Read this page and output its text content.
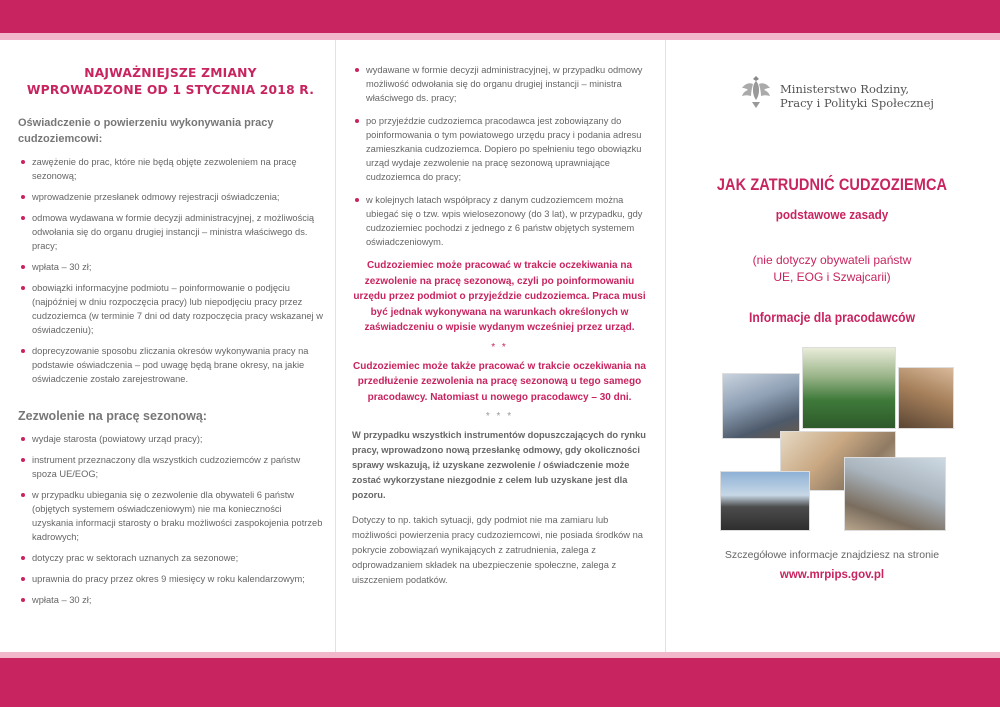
NAJWAŻNIEJSZE ZMIANY
WPROWADZONE OD 1 STYCZNIA 2018 R.
Oświadczenie o powierzeniu wykonywania pracy cudzoziemcowi:
zawężenie do prac, które nie będą objęte zezwoleniem na pracę sezonową;
wprowadzenie przesłanek odmowy rejestracji oświadczenia;
odmowa wydawana w formie decyzji administracyjnej, z możliwością odwołania się do organu drugiej instancji – ministra właściwego ds. pracy;
wpłata – 30 zł;
obowiązki informacyjne podmiotu – poinformowanie o podjęciu (najpóźniej w dniu rozpoczęcia pracy) lub niepodjęciu pracy przez cudzoziemca (w terminie 7 dni od daty rozpoczęcia pracy wskazanej w oświadczeniu);
doprecyzowanie sposobu zliczania okresów wykonywania pracy na podstawie oświadczenia – pod uwagę będą brane okresy, na jakie oświadczenie zostało zarejestrowane.
Zezwolenie na pracę sezonową:
wydaje starosta (powiatowy urząd pracy);
instrument przeznaczony dla wszystkich cudzoziemców z państw spoza UE/EOG;
w przypadku ubiegania się o zezwolenie dla obywateli 6 państw (objętych systemem oświadczeniowym) nie ma konieczności uzyskania informacji starosty o braku możliwości zaspokojenia potrzeb kadrowych;
dotyczy prac w sektorach uznanych za sezonowe;
uprawnia do pracy przez okres 9 miesięcy w roku kalendarzowym;
wpłata – 30 zł;
wydawane w formie decyzji administracyjnej, w przypadku odmowy możliwość odwołania się do organu drugiej instancji – ministra właściwego ds. pracy;
po przyjeździe cudzoziemca pracodawca jest zobowiązany do poinformowania o tym powiatowego urzędu pracy i podania adresu zamieszkania cudzoziemca. Dopiero po spełnieniu tego obowiązku urząd wydaje zezwolenie na pracę sezonową uprawniające cudzoziemca do pracy;
w kolejnych latach współpracy z danym cudzoziemcem można ubiegać się o tzw. wpis wielosezonowy (do 3 lat), w przypadku, gdy cudzoziemiec pochodzi z jednego z 6 państw objętych systemem oświadczeniowym.
Cudzoziemiec może pracować w trakcie oczekiwania na zezwolenie na pracę sezonową, czyli po poinformowaniu urzędu przez podmiot o przyjeździe cudzoziemca. Praca musi być jednak wykonywana na warunkach określonych w zaświadczeniu o wpisie wydanym wcześniej przez urząd.
* *
Cudzoziemiec może także pracować w trakcie oczekiwania na przedłużenie zezwolenia na pracę sezonową u tego samego pracodawcy. Natomiast u nowego pracodawcy – 30 dni.
* * *

W przypadku wszystkich instrumentów dopuszczających do rynku pracy, wprowadzono nową przesłankę odmowy, gdy okoliczności sprawy wskazują, iż uzyskane zezwolenie / oświadczenie może zostać wykorzystane niezgodnie z celem lub uzyskane jest dla pozoru.

Dotyczy to np. takich sytuacji, gdy podmiot nie ma zamiaru lub możliwości powierzenia pracy cudzoziemcowi, nie posiada środków na pokrycie zobowiązań wynikających z zatrudnienia, zalega z odprowadzaniem składek na ubezpieczenie społeczne, zalega z uiszczeniem podatków.

Ministerstwo Rodziny,
Pracy i Polityki Społecznej
JAK ZATRUDNIĆ CUDZOZIEMCA
podstawowe zasady
(nie dotyczy obywateli państw
UE, EOG i Szwajcarii)
Informacje dla pracodawców
Szczegółowe informacje znajdziesz na stronie
www.mrpips.gov.pl
